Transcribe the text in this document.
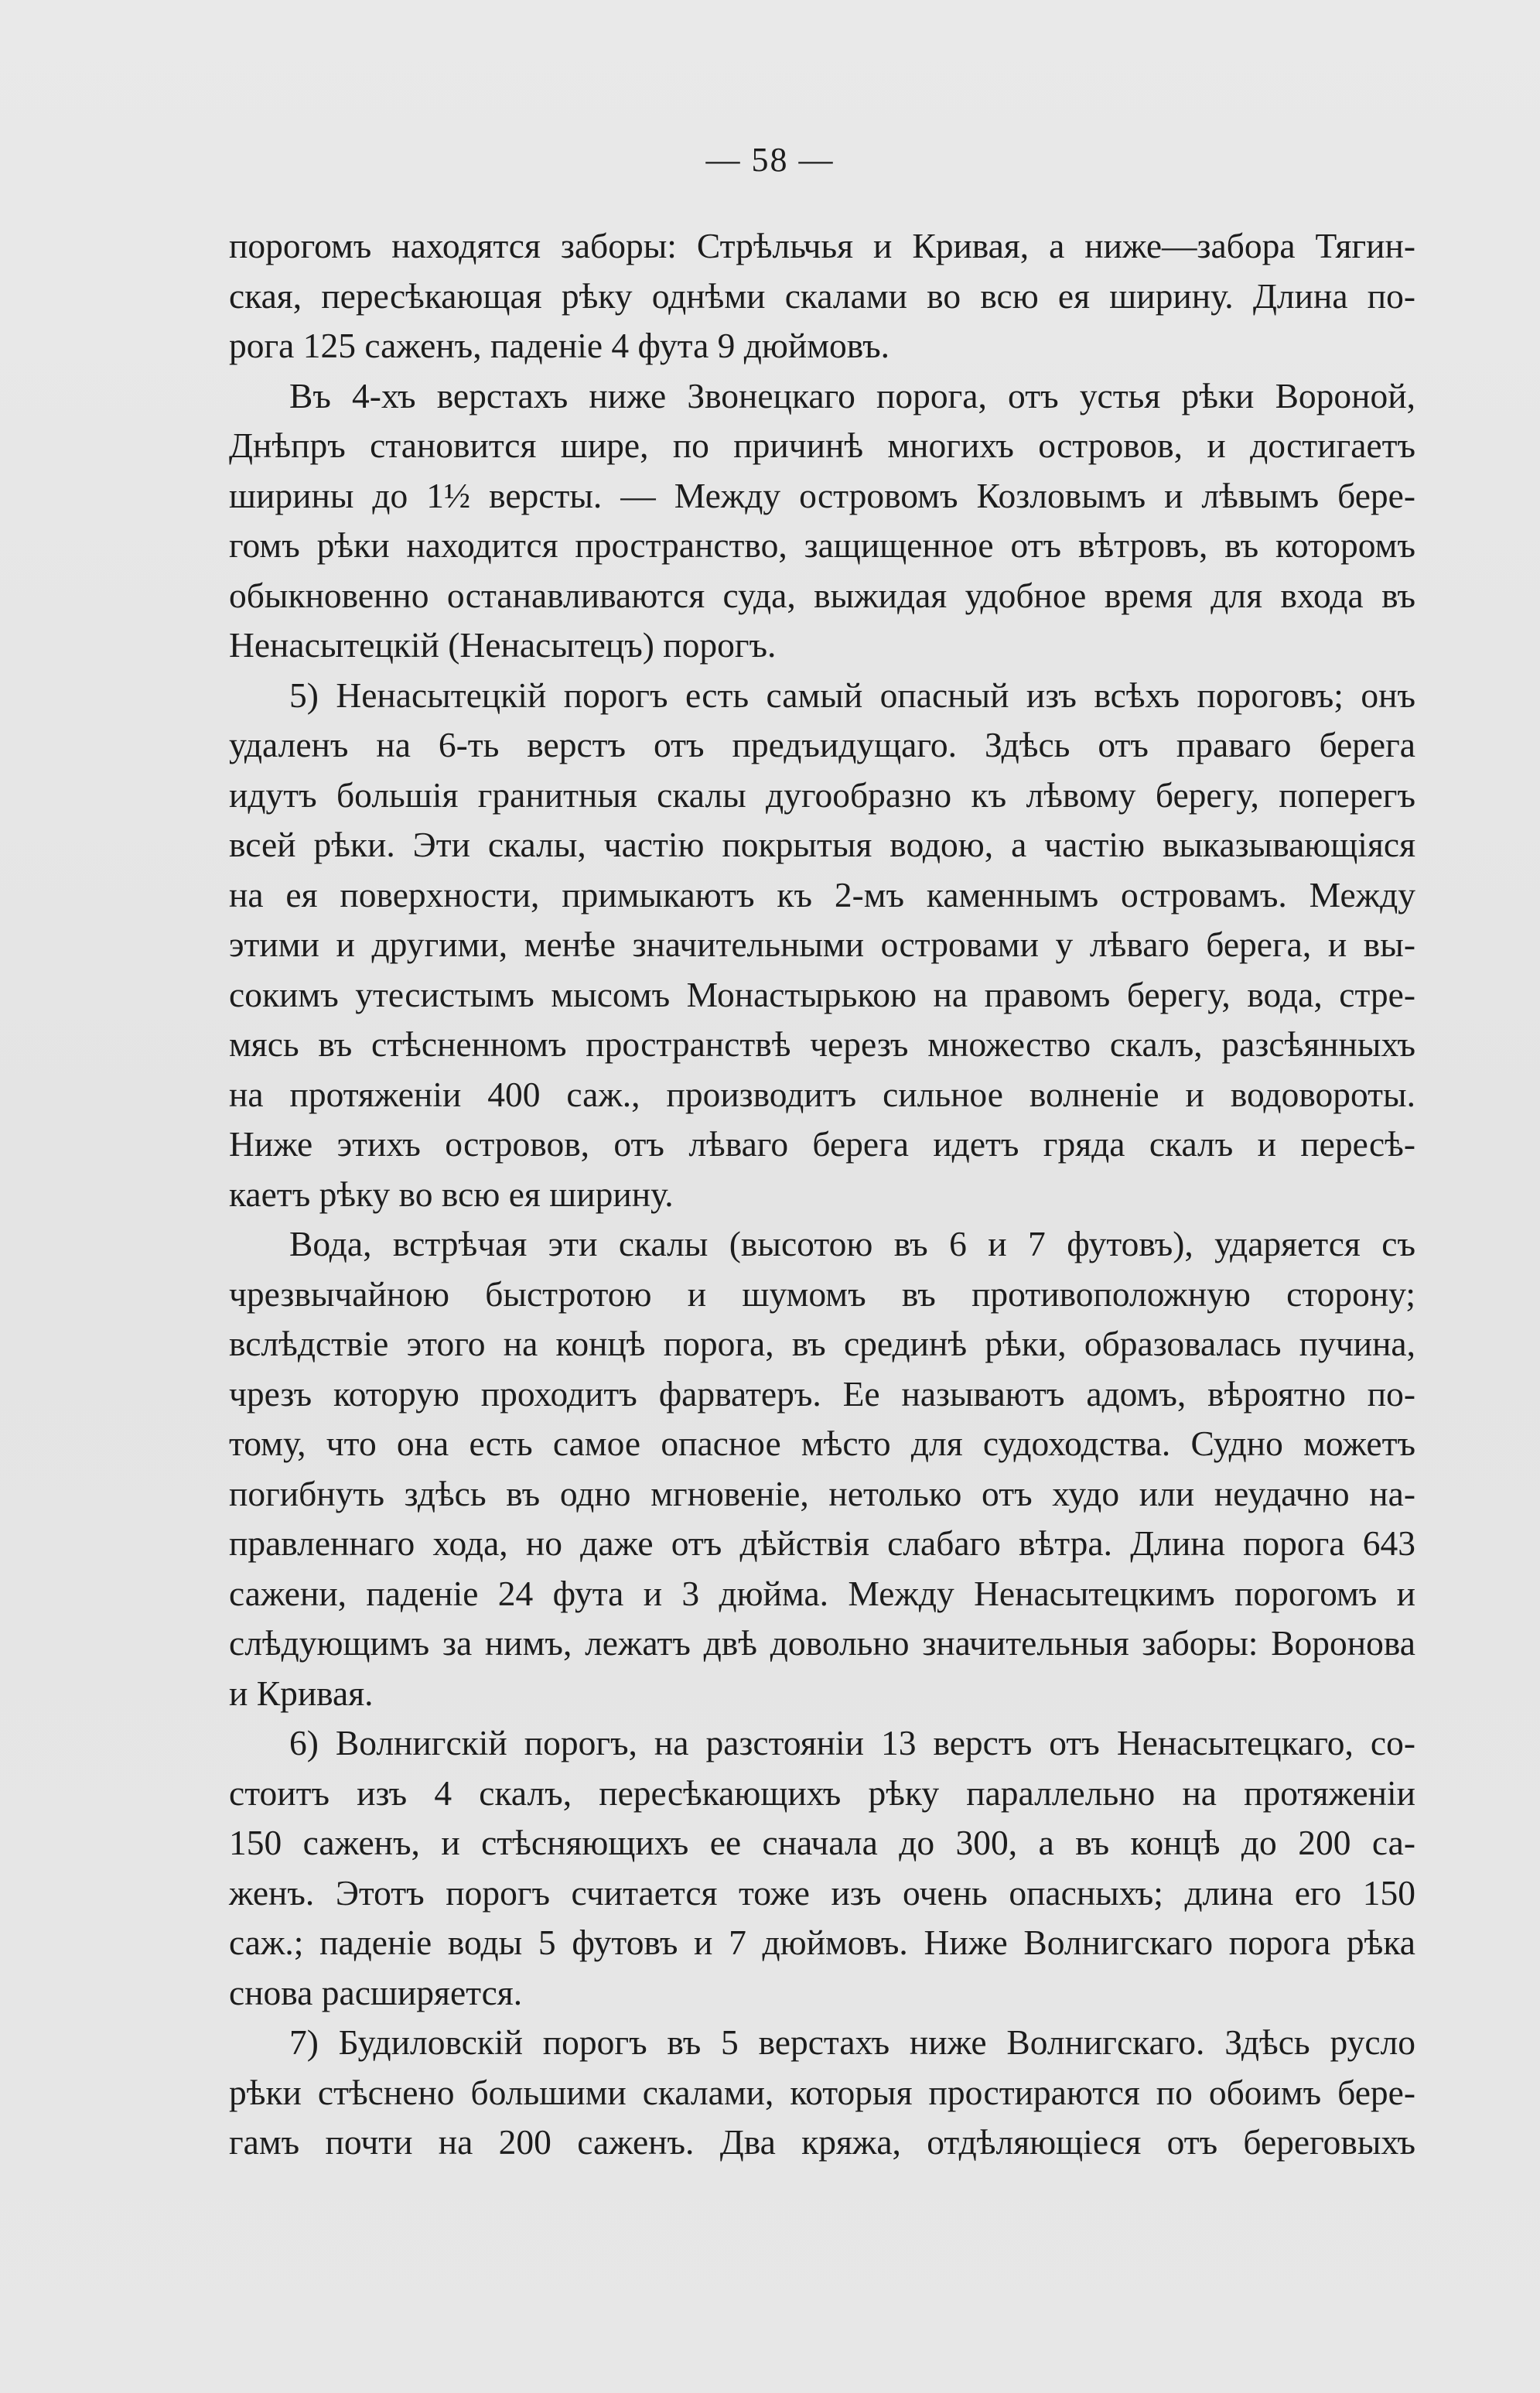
— 58 —
порогомъ находятся заборы: Стрѣльчья и Кривая, а ниже—забора Тягин-
ская, пересѣкающая рѣку однѣми скалами во всю ея ширину. Длина по-
рога 125 саженъ, паденіе 4 фута 9 дюймовъ.
Въ 4-хъ верстахъ ниже Звонецкаго порога, отъ устья рѣки Вороной,
Днѣпръ становится шире, по причинѣ многихъ островов, и достигаетъ
ширины до 1½ версты. — Между островомъ Козловымъ и лѣвымъ бере-
гомъ рѣки находится пространство, защищенное отъ вѣтровъ, въ которомъ
обыкновенно останавливаются суда, выжидая удобное время для входа въ
Ненасытецкій (Ненасытецъ) порогъ.
5) Ненасытецкій порогъ есть самый опасный изъ всѣхъ пороговъ; онъ
удаленъ на 6-ть верстъ отъ предъидущаго. Здѣсь отъ праваго берега
идутъ большія гранитныя скалы дугообразно къ лѣвому берегу, поперегъ
всей рѣки. Эти скалы, частію покрытыя водою, а частію выказывающіяся
на ея поверхности, примыкаютъ къ 2-мъ каменнымъ островамъ. Между
этими и другими, менѣе значительными островами у лѣваго берега, и вы-
сокимъ утесистымъ мысомъ Монастырькою на правомъ берегу, вода, стре-
мясь въ стѣсненномъ пространствѣ черезъ множество скалъ, разсѣянныхъ
на протяженіи 400 саж., производитъ сильное волненіе и водовороты.
Ниже этихъ островов, отъ лѣваго берега идетъ гряда скалъ и пересѣ-
каетъ рѣку во всю ея ширину.
Вода, встрѣчая эти скалы (высотою въ 6 и 7 футовъ), ударяется съ
чрезвычайною быстротою и шумомъ въ противоположную сторону;
вслѣдствіе этого на концѣ порога, въ срединѣ рѣки, образовалась пучина,
чрезъ которую проходитъ фарватеръ. Ее называютъ адомъ, вѣроятно по-
тому, что она есть самое опасное мѣсто для судоходства. Судно можетъ
погибнуть здѣсь въ одно мгновеніе, нетолько отъ худо или неудачно на-
правленнаго хода, но даже отъ дѣйствія слабаго вѣтра. Длина порога 643
сажени, паденіе 24 фута и 3 дюйма. Между Ненасытецкимъ порогомъ и
слѣдующимъ за нимъ, лежатъ двѣ довольно значительныя заборы: Воронова
и Кривая.
6) Волнигскій порогъ, на разстояніи 13 верстъ отъ Ненасытецкаго, со-
стоитъ изъ 4 скалъ, пересѣкающихъ рѣку параллельно на протяженіи
150 саженъ, и стѣсняющихъ ее сначала до 300, а въ концѣ до 200 са-
женъ. Этотъ порогъ считается тоже изъ очень опасныхъ; длина его 150
саж.; паденіе воды 5 футовъ и 7 дюймовъ. Ниже Волнигскаго порога рѣка
снова расширяется.
7) Будиловскій порогъ въ 5 верстахъ ниже Волнигскаго. Здѣсь русло
рѣки стѣснено большими скалами, которыя простираются по обоимъ бере-
гамъ почти на 200 саженъ. Два кряжа, отдѣляющіеся отъ береговыхъ
